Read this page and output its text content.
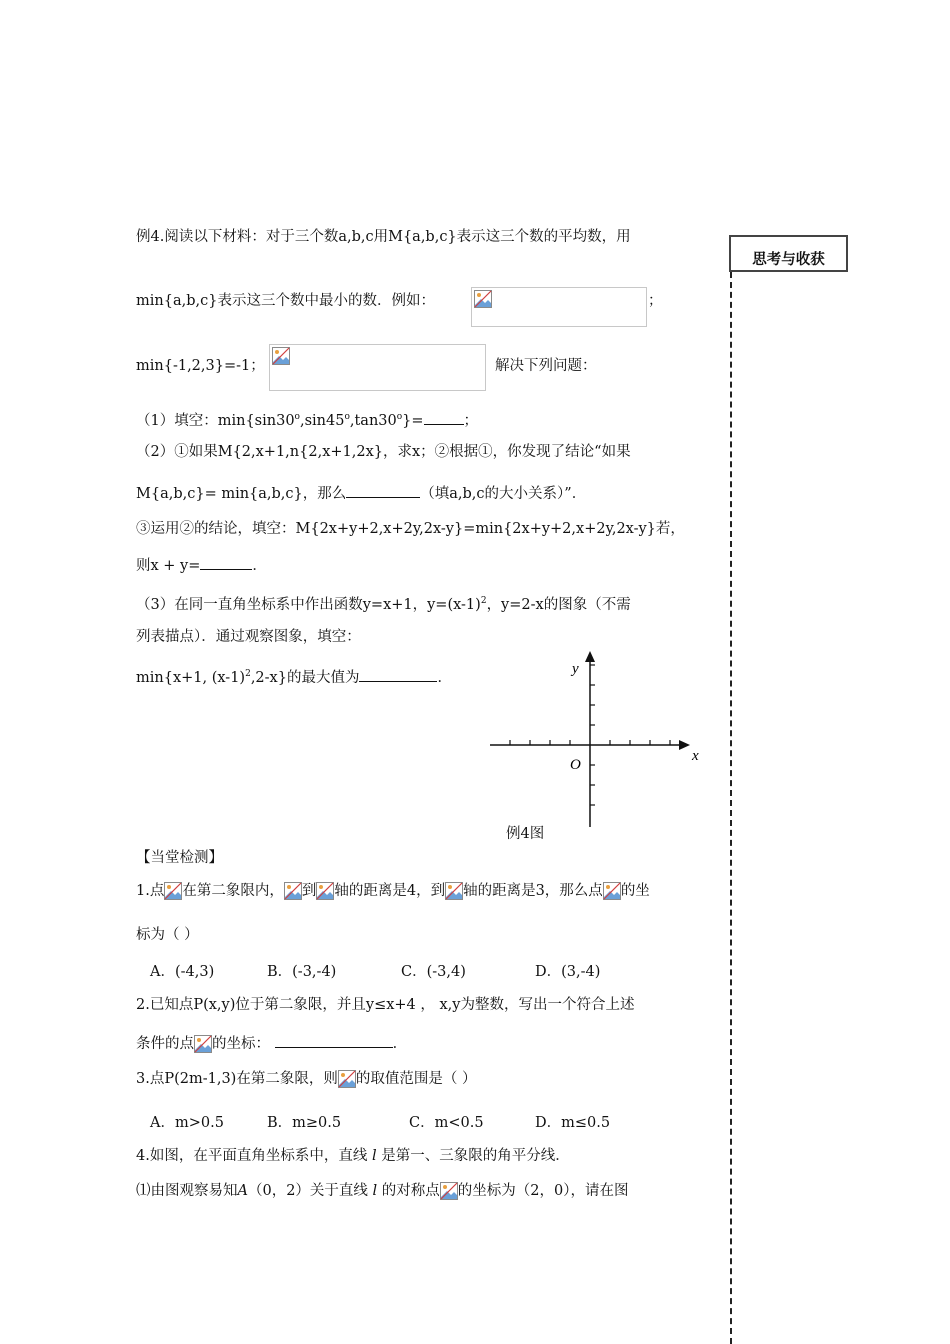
思考与收获
例4.阅读以下材料：对于三个数a,b,c用M{a,b,c}表示这三个数的平均数，用
min{a,b,c}表示这三个数中最小的数．例如：	；
min{-1,2,3}=-1；	解决下列问题：
（1）填空：$\min\{\sin 30^o,\sin 45^o,\tan 30^o\}=$	；
（2）①如果M{2,x+1,n{2,x+1,2x}，求x；②根据①，你发现了结论“如果
M{a,b,c}= min{a,b,c}，那么	（填a,b,c的大小关系）”．
③运用②的结论，填空：M{2x+y+2,x+2y,2x-y}=min{2x+y+2,x+2y,2x-y}若，
则x + y=	．
（3）在同一直角坐标系中作出函数y=x+1，$y=(x-1)^2$，y=2-x的图象（不需
列表描点）．通过观察图象，填空：
min{x+1, $(x-1)^2,2-x$}的最大值为	．
y
x
O
例4图
【当堂检测】
1.点 在第二象限内， 到 轴的距离是4，到 轴的距离是3，那么点 的坐
标为（ ）
A．(-4,3)	B．(-3,-4)	C．(-3,4)	D．(3,-4)
2.已知点P(x,y)位于第二象限，并且y≤x+4 ， x,y为整数，写出一个符合上述
条件的点 的坐标：	．
3.点P(2m-1,3)在第二象限，则 的取值范围是（ ）
A．m>0.5	B．m≥0.5	C．m<0.5	D．m≤0.5
4.如图，在平面直角坐标系中，直线 l 是第一、三象限的角平分线．
⑴由图观察易知A（0，2）关于直线 l 的对称点 的坐标为（2，0），请在图
